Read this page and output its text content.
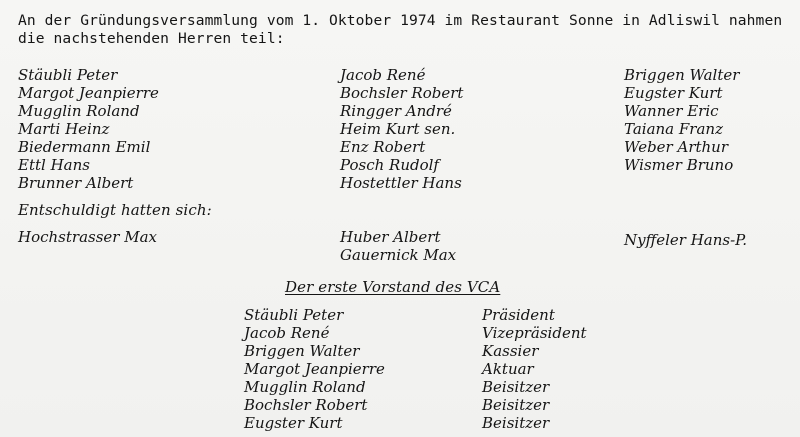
An der Gründungsversammlung vom 1. Oktober 1974 im Restaurant Sonne in Adliswil nahmen
die nachstehenden Herren teil:
Stäubli Peter
Margot Jeanpierre
Mugglin Roland
Marti Heinz
Biedermann Emil
Ettl Hans
Brunner Albert
Jacob René
Bochsler Robert
Ringger André
Heim Kurt sen.
Enz Robert
Posch Rudolf
Hostettler Hans
Briggen Walter
Eugster Kurt
Wanner Eric
Taiana Franz
Weber Arthur
Wismer Bruno
Entschuldigt hatten sich:
Hochstrasser Max	Huber Albert
Gauernick Max
Nyffeler Hans-P.
Der erste Vorstand des VCA
Stäubli Peter
Jacob René
Briggen Walter
Margot Jeanpierre
Mugglin Roland
Bochsler Robert
Eugster Kurt
Präsident
Vizepräsident
Kassier
Aktuar
Beisitzer
Beisitzer
Beisitzer
